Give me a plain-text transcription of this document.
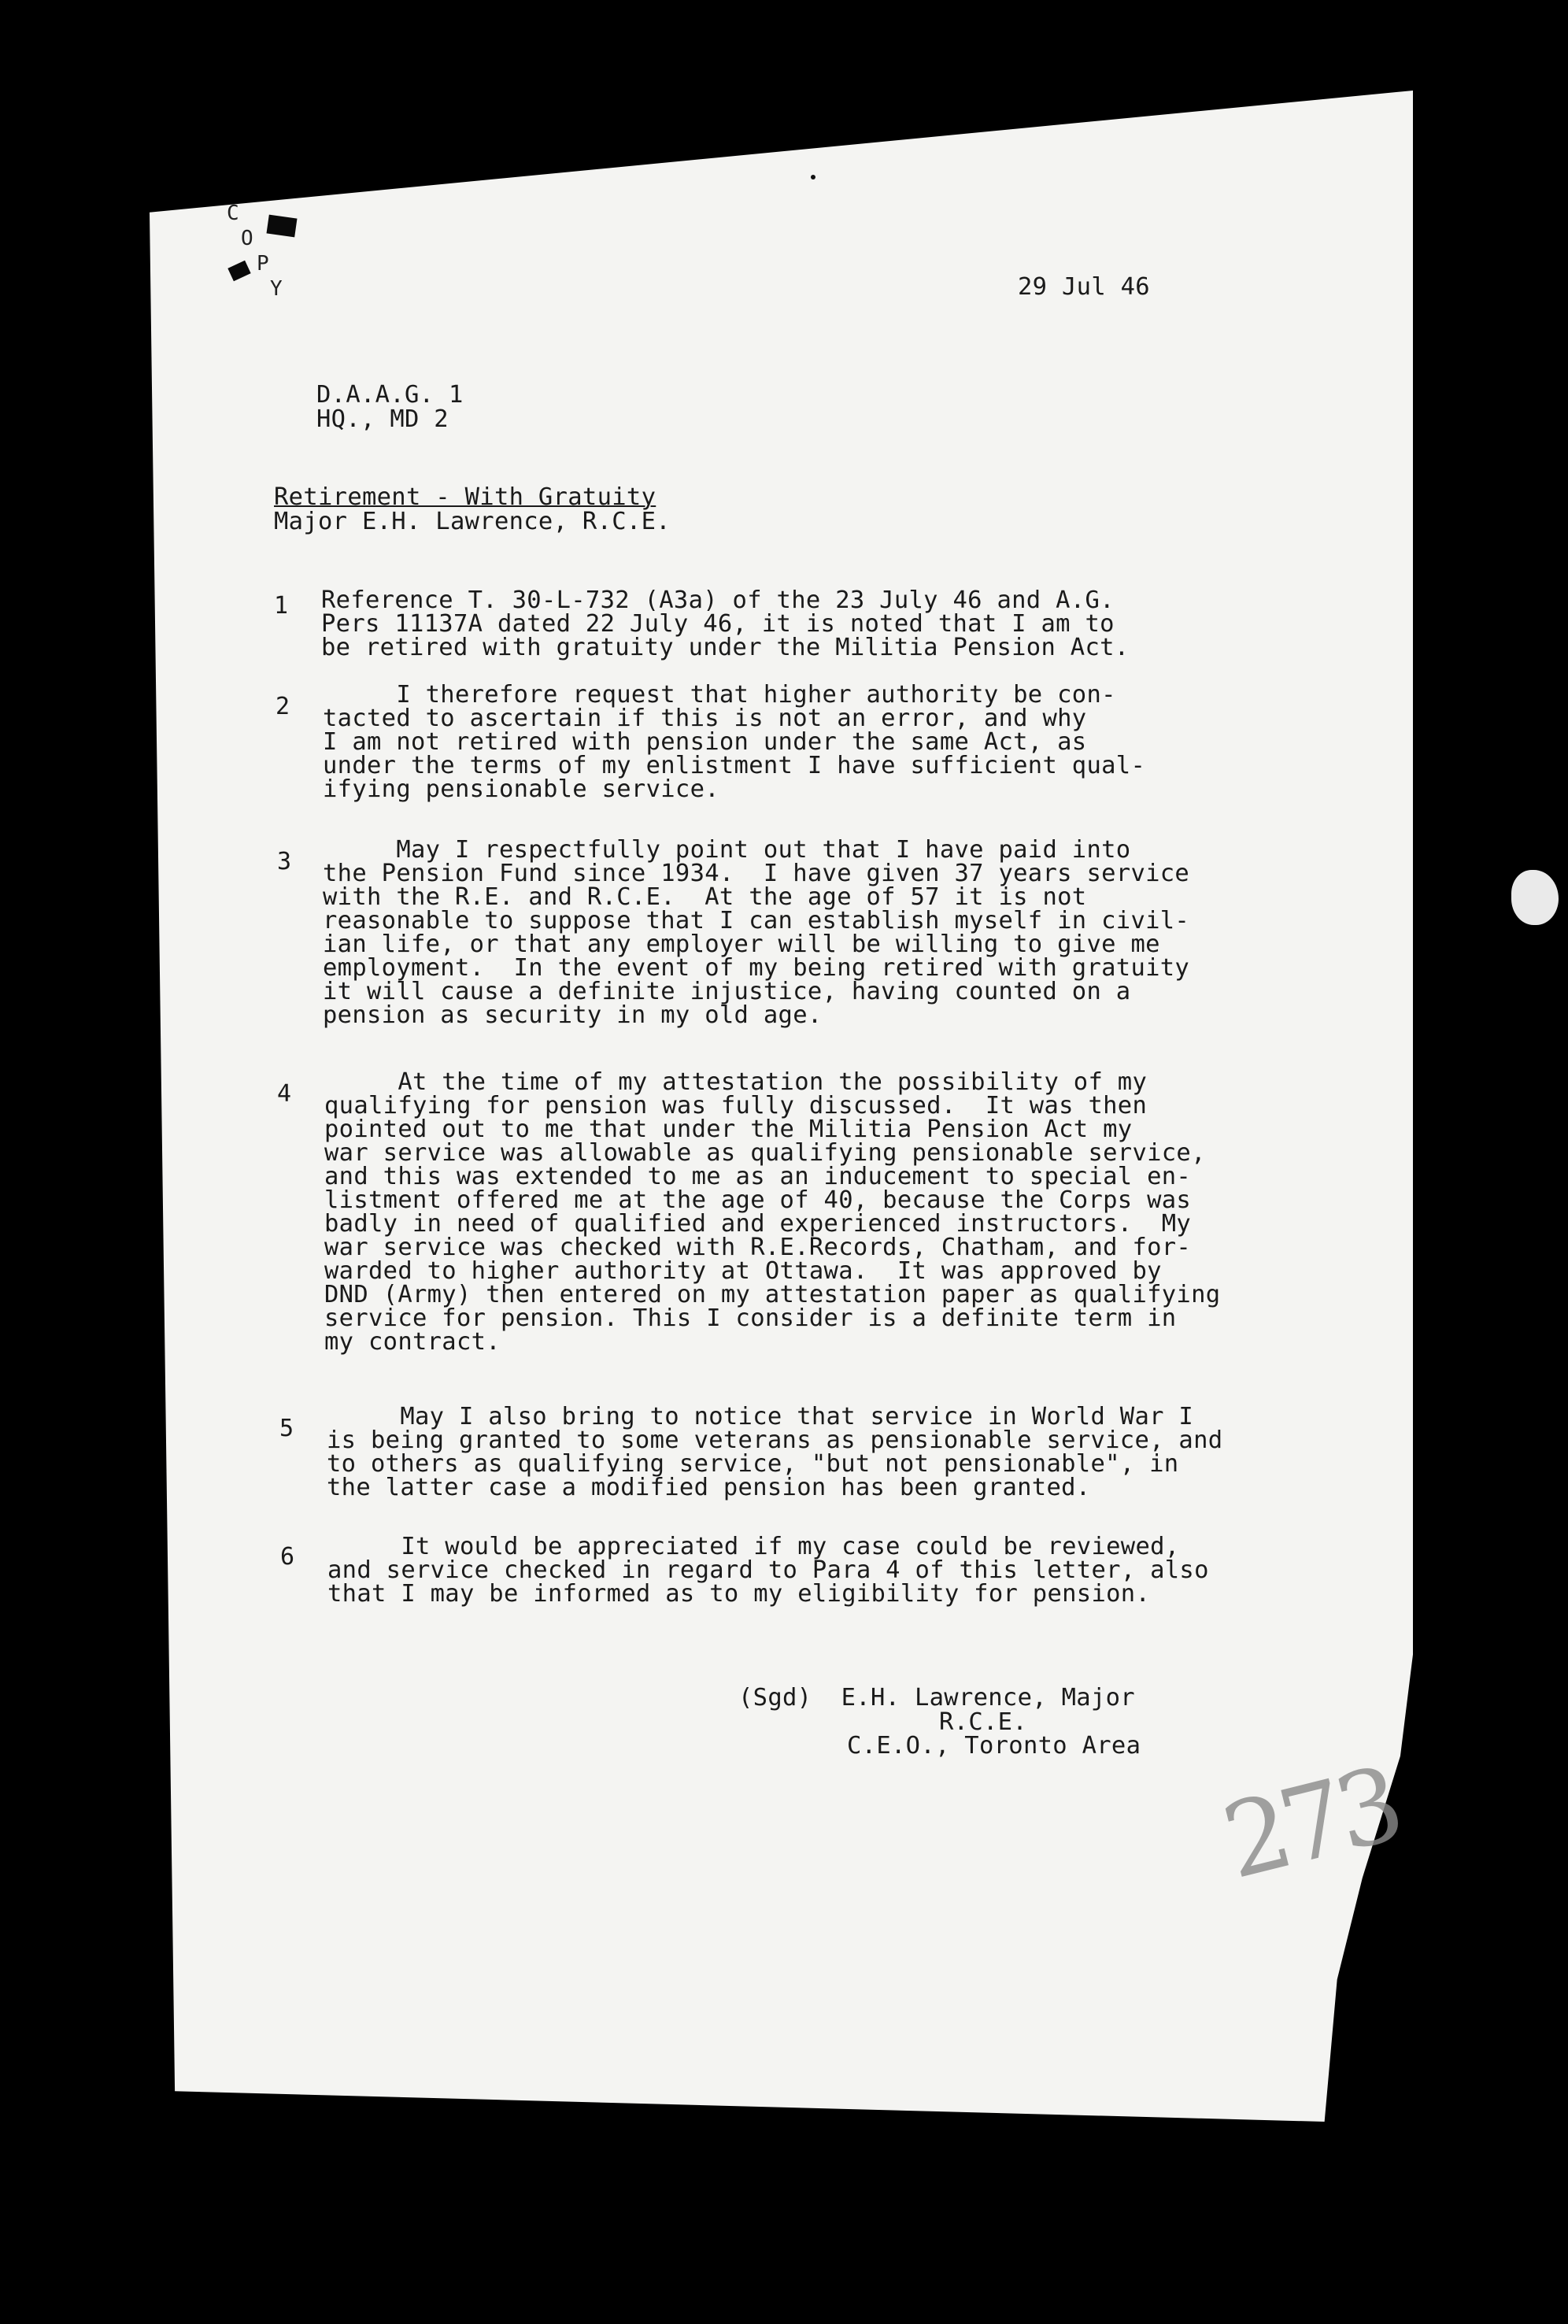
C
O
P
Y	29 Jul 46
D.A.A.G. 1
HQ., MD 2
Retirement - With Gratuity
Major E.H. Lawrence, R.C.E.
1 Reference T. 30-L-732 (A3a) of the 23 July 46 and A.G.
Pers 11137A dated 22 July 46, it is noted that I am to
be retired with gratuity under the Militia Pension Act.
2 I therefore request that higher authority be con-
tacted to ascertain if this is not an error, and why
I am not retired with pension under the same Act, as
under the terms of my enlistment I have sufficient qual-
ifying pensionable service.
3 May I respectfully point out that I have paid into
the Pension Fund since 1934.  I have given 37 years service
with the R.E. and R.C.E.  At the age of 57 it is not
reasonable to suppose that I can establish myself in civil-
ian life, or that any employer will be willing to give me
employment.  In the event of my being retired with gratuity
it will cause a definite injustice, having counted on a
pension as security in my old age.
4 At the time of my attestation the possibility of my
qualifying for pension was fully discussed.  It was then
pointed out to me that under the Militia Pension Act my
war service was allowable as qualifying pensionable service,
and this was extended to me as an inducement to special en-
listment offered me at the age of 40, because the Corps was
badly in need of qualified and experienced instructors.  My
war service was checked with R.E.Records, Chatham, and for-
warded to higher authority at Ottawa.  It was approved by
DND (Army) then entered on my attestation paper as qualifying
service for pension. This I consider is a definite term in
my contract.
5 May I also bring to notice that service in World War I
is being granted to some veterans as pensionable service, and
to others as qualifying service, "but not pensionable", in
the latter case a modified pension has been granted.
6 It would be appreciated if my case could be reviewed,
and service checked in regard to Para 4 of this letter, also
that I may be informed as to my eligibility for pension.
(Sgd)  E.H. Lawrence, Major
R.C.E.
C.E.O., Toronto Area 273
